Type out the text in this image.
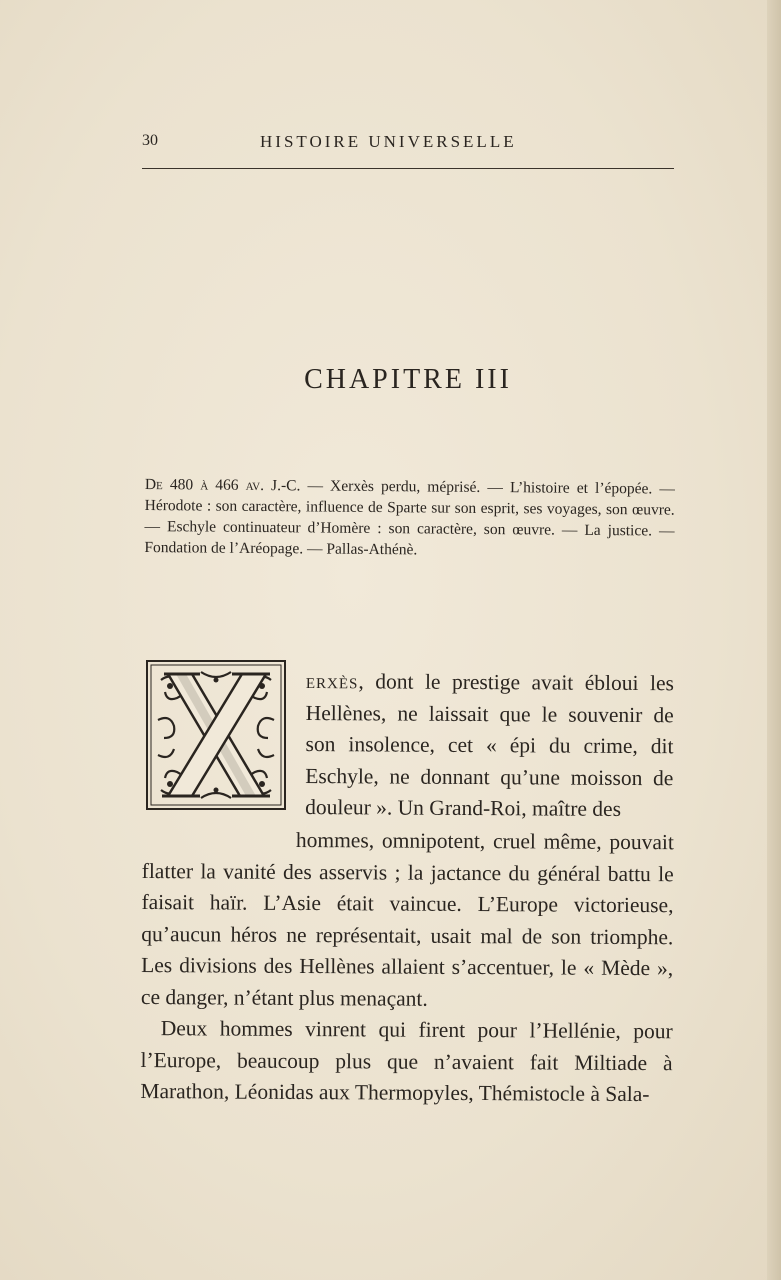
30	HISTOIRE UNIVERSELLE
CHAPITRE III
De 480 à 466 av. J.-C. — Xerxès perdu, méprisé. — L’histoire et l’épopée. — Hérodote : son caractère, influence de Sparte sur son esprit, ses voyages, son œuvre. — Eschyle continuateur d’Homère : son caractère, son œuvre. — La justice. — Fondation de l’Aréopage. — Pallas-Athénè.
erxès, dont le prestige avait ébloui les Hellènes, ne laissait que le souvenir de son insolence, cet « épi du crime, dit Eschyle, ne donnant qu’une moisson de douleur ». Un Grand-Roi, maître des

hommes, omnipotent, cruel même, pouvait flatter la vanité des asservis ; la jactance du général battu le faisait haïr. L’Asie était vaincue. L’Europe victorieuse, qu’aucun héros ne représentait, usait mal de son triomphe. Les divisions des Hellènes allaient s’accentuer, le « Mède », ce danger, n’étant plus menaçant.

Deux hommes vinrent qui firent pour l’Hellénie, pour l’Europe, beaucoup plus que n’avaient fait Miltiade à Marathon, Léonidas aux Thermopyles, Thémistocle à Sala-
